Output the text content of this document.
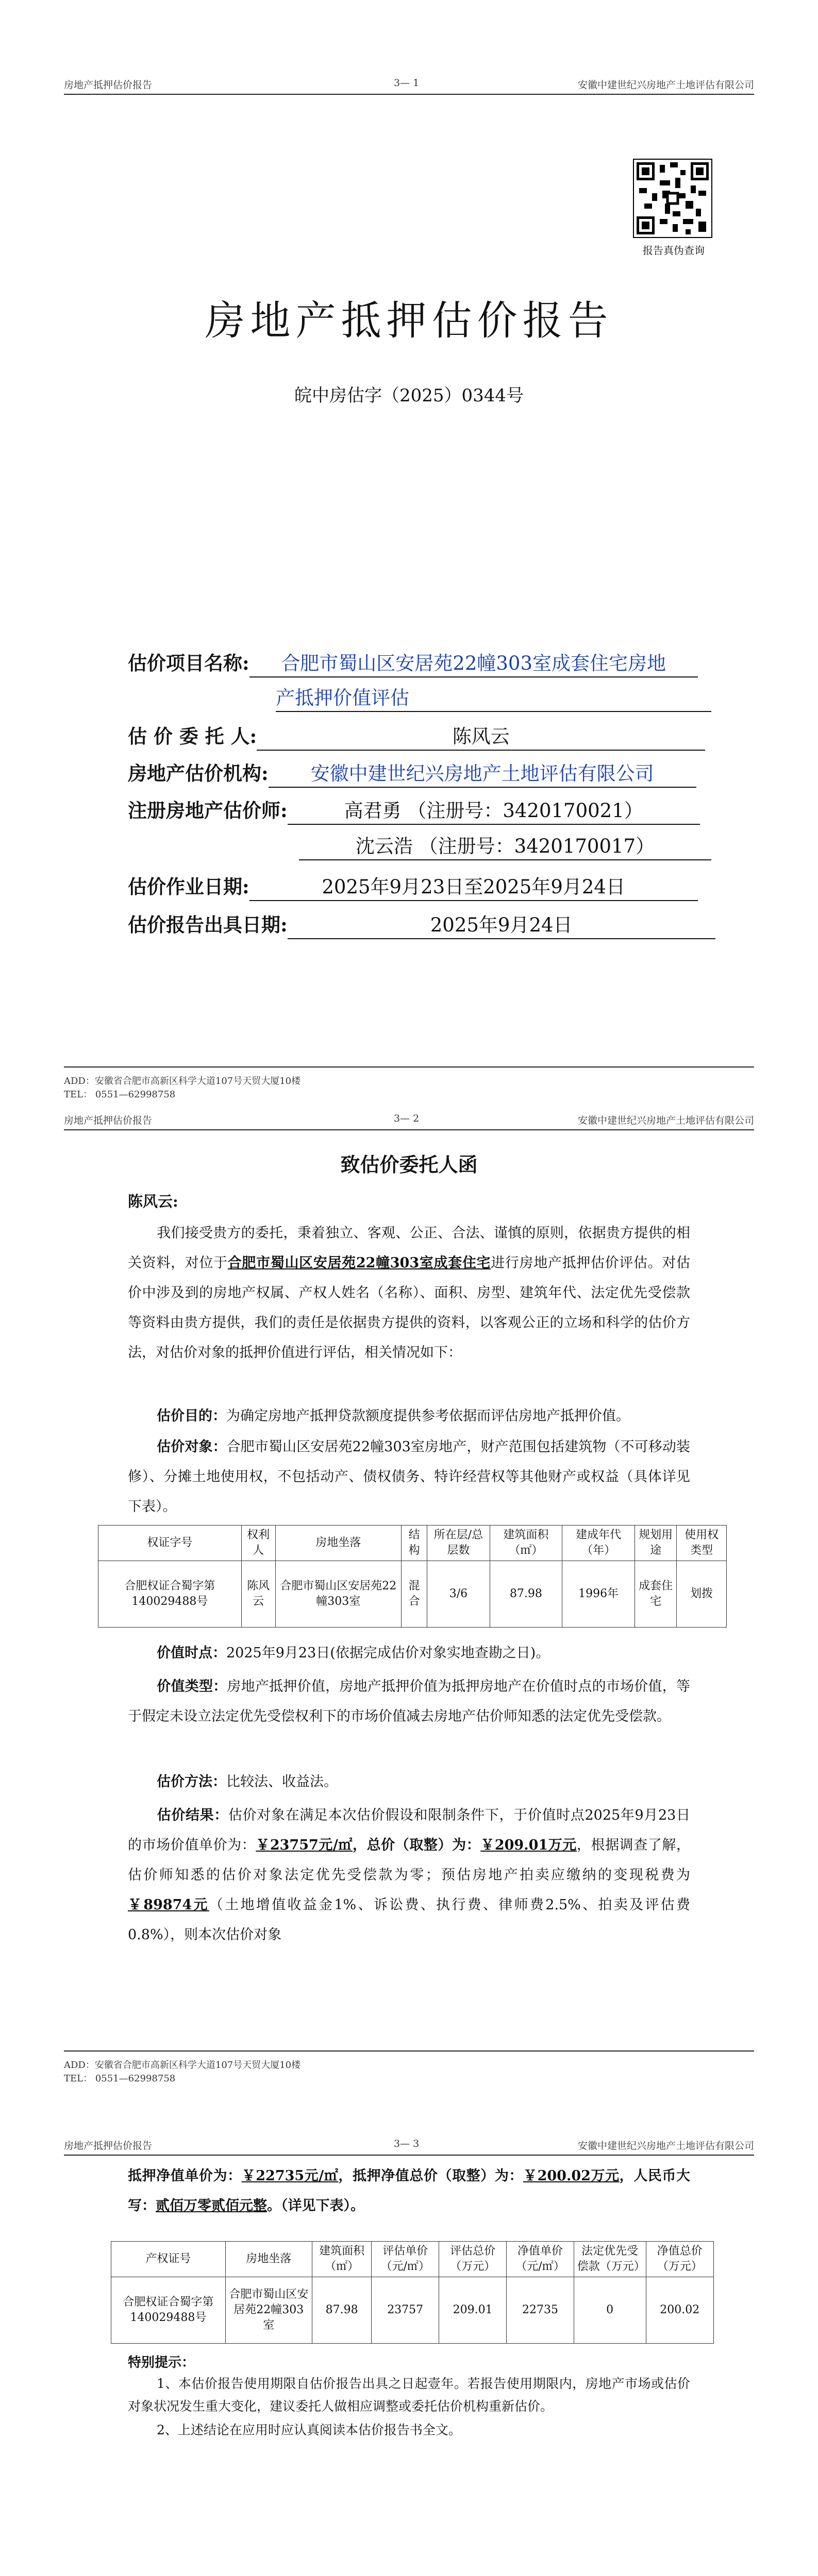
房地产抵押估价报告	3— 1	安徽中建世纪兴房地产土地评估有限公司
报告真伪查询
房地产抵押估价报告
皖中房估字（2025）0344号
估价项目名称: 合肥市蜀山区安居苑22幢303室成套住宅房地
产抵押价值评估
估 价 委 托 人:	陈风云
房地产估价机构: 安徽中建世纪兴房地产土地评估有限公司
注册房地产估价师:	高君勇 （注册号：3420170021）
沈云浩 （注册号：3420170017）
估价作业日期:	2025年9月23日至2025年9月24日
估价报告出具日期:	2025年9月24日
ADD：安徽省合肥市高新区科学大道107号天贸大厦10楼
TEL： 0551—62998758
房地产抵押估价报告	3— 2	安徽中建世纪兴房地产土地评估有限公司
致估价委托人函
陈风云:
我们接受贵方的委托，秉着独立、客观、公正、合法、谨慎的原则，依据贵方提供的相关资料，对位于合肥市蜀山区安居苑22幢303室成套住宅进行房地产抵押估价评估。对估价中涉及到的房地产权属、产权人姓名（名称）、面积、房型、建筑年代、法定优先受偿款等资料由贵方提供，我们的责任是依据贵方提供的资料，以客观公正的立场和科学的估价方法，对估价对象的抵押价值进行评估，相关情况如下：
估价目的：为确定房地产抵押贷款额度提供参考依据而评估房地产抵押价值。
估价对象：合肥市蜀山区安居苑22幢303室房地产，财产范围包括建筑物（不可移动装修）、分摊土地使用权，不包括动产、债权债务、特许经营权等其他财产或权益（具体详见下表）。
权证字号	权利人	房地坐落	结构	所在层/总层数	建筑面积（㎡）	建成年代（年）	规划用途	使用权类型
合肥权证合蜀字第140029488号	陈风云	合肥市蜀山区安居苑22幢303室	混合	3/6	87.98	1996年	成套住宅	划拨
价值时点：2025年9月23日(依据完成估价对象实地查勘之日)。
价值类型：房地产抵押价值，房地产抵押价值为抵押房地产在价值时点的市场价值，等于假定未设立法定优先受偿权利下的市场价值减去房地产估价师知悉的法定优先受偿款。
估价方法：比较法、收益法。
估价结果：估价对象在满足本次估价假设和限制条件下，于价值时点2025年9月23日的市场价值单价为：￥23757元/㎡，总价（取整）为：￥209.01万元，根据调查了解，估价师知悉的估价对象法定优先受偿款为零；预估房地产拍卖应缴纳的变现税费为￥89874元（土地增值收益金1%、诉讼费、执行费、律师费2.5%、拍卖及评估费0.8%），则本次估价对象
ADD：安徽省合肥市高新区科学大道107号天贸大厦10楼
TEL： 0551—62998758
房地产抵押估价报告	3— 3	安徽中建世纪兴房地产土地评估有限公司
抵押净值单价为：￥22735元/㎡，抵押净值总价（取整）为：￥200.02万元，人民币大写：贰佰万零贰佰元整。（详见下表）。
产权证号	房地坐落	建筑面积（㎡）	评估单价（元/㎡）	评估总价（万元）	净值单价（元/㎡）	法定优先受偿款（万元）	净值总价（万元）
合肥权证合蜀字第140029488号	合肥市蜀山区安居苑22幢303室	87.98	23757	209.01	22735	0	200.02
特别提示：
1、本估价报告使用期限自估价报告出具之日起壹年。若报告使用期限内，房地产市场或估价对象状况发生重大变化，建议委托人做相应调整或委托估价机构重新估价。
2、上述结论在应用时应认真阅读本估价报告书全文。
